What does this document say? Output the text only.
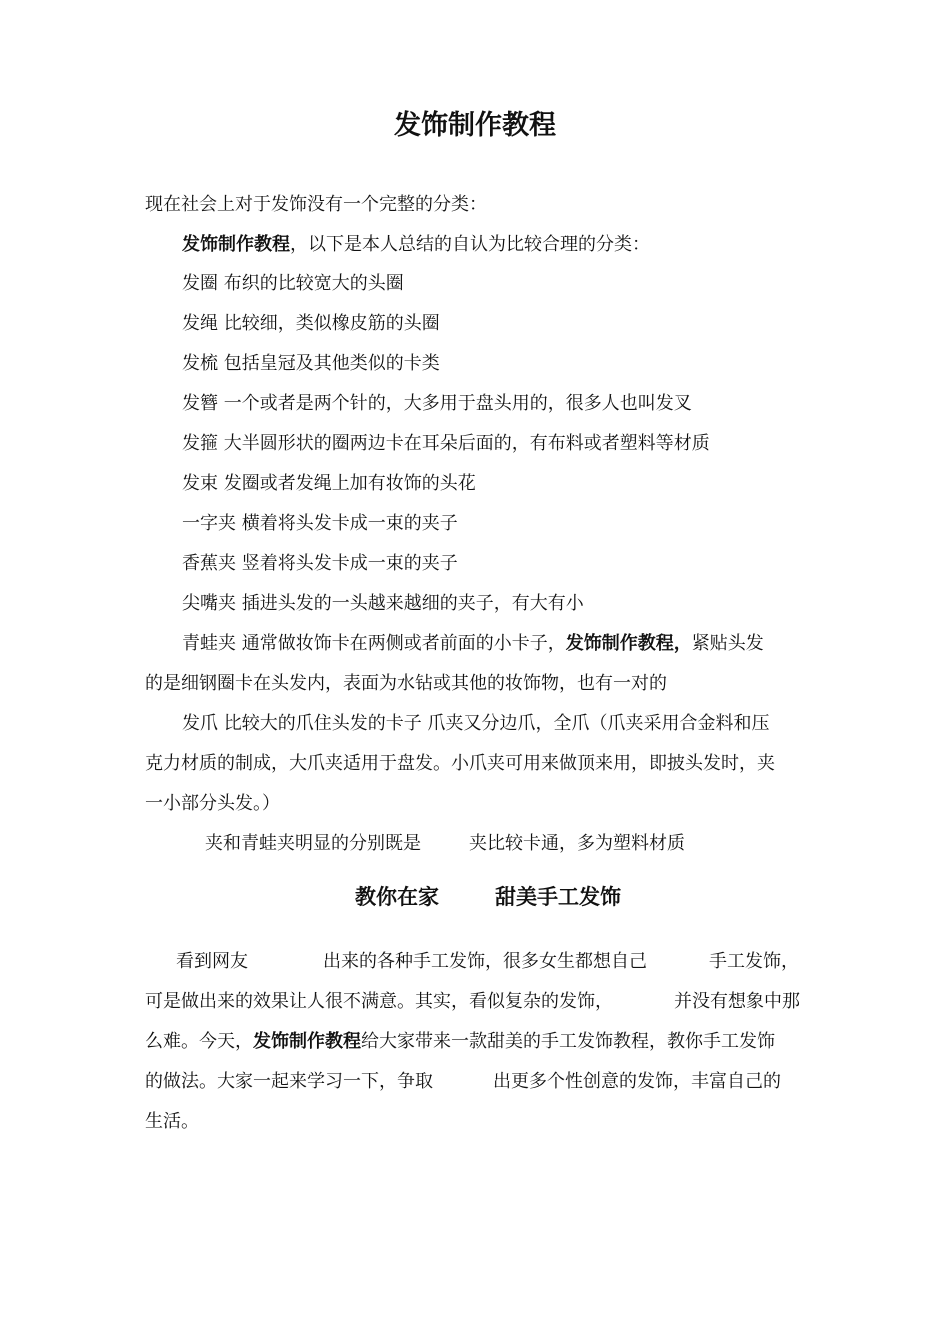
发饰制作教程

现在社会上对于发饰没有一个完整的分类：

发饰制作教程，以下是本人总结的自认为比较合理的分类：

发圈 布织的比较宽大的头圈

发绳 比较细，类似橡皮筋的头圈

发梳 包括皇冠及其他类似的卡类

发簪 一个或者是两个针的，大多用于盘头用的，很多人也叫发叉

发箍 大半圆形状的圈两边卡在耳朵后面的，有布料或者塑料等材质

发束 发圈或者发绳上加有妆饰的头花

一字夹 横着将头发卡成一束的夹子

香蕉夹 竖着将头发卡成一束的夹子

尖嘴夹 插进头发的一头越来越细的夹子，有大有小

青蛙夹 通常做妆饰卡在两侧或者前面的小卡子，发饰制作教程，紧贴头发

的是细钢圈卡在头发内，表面为水钻或其他的妆饰物，也有一对的

发爪 比较大的爪住头发的卡子 爪夹又分边爪，全爪（爪夹采用合金料和压

克力材质的制成，大爪夹适用于盘发。小爪夹可用来做顶来用，即披头发时，夹

一小部分头发。）

夹和青蛙夹明显的分别既是	夹比较卡通，多为塑料材质

教你在家	甜美手工发饰

看到网友	出来的各种手工发饰，很多女生都想自己	手工发饰，

可是做出来的效果让人很不满意。其实，看似复杂的发饰，	并没有想象中那

么难。今天，发饰制作教程给大家带来一款甜美的手工发饰教程，教你手工发饰

的做法。大家一起来学习一下，争取	出更多个性创意的发饰，丰富自己的

生活。
